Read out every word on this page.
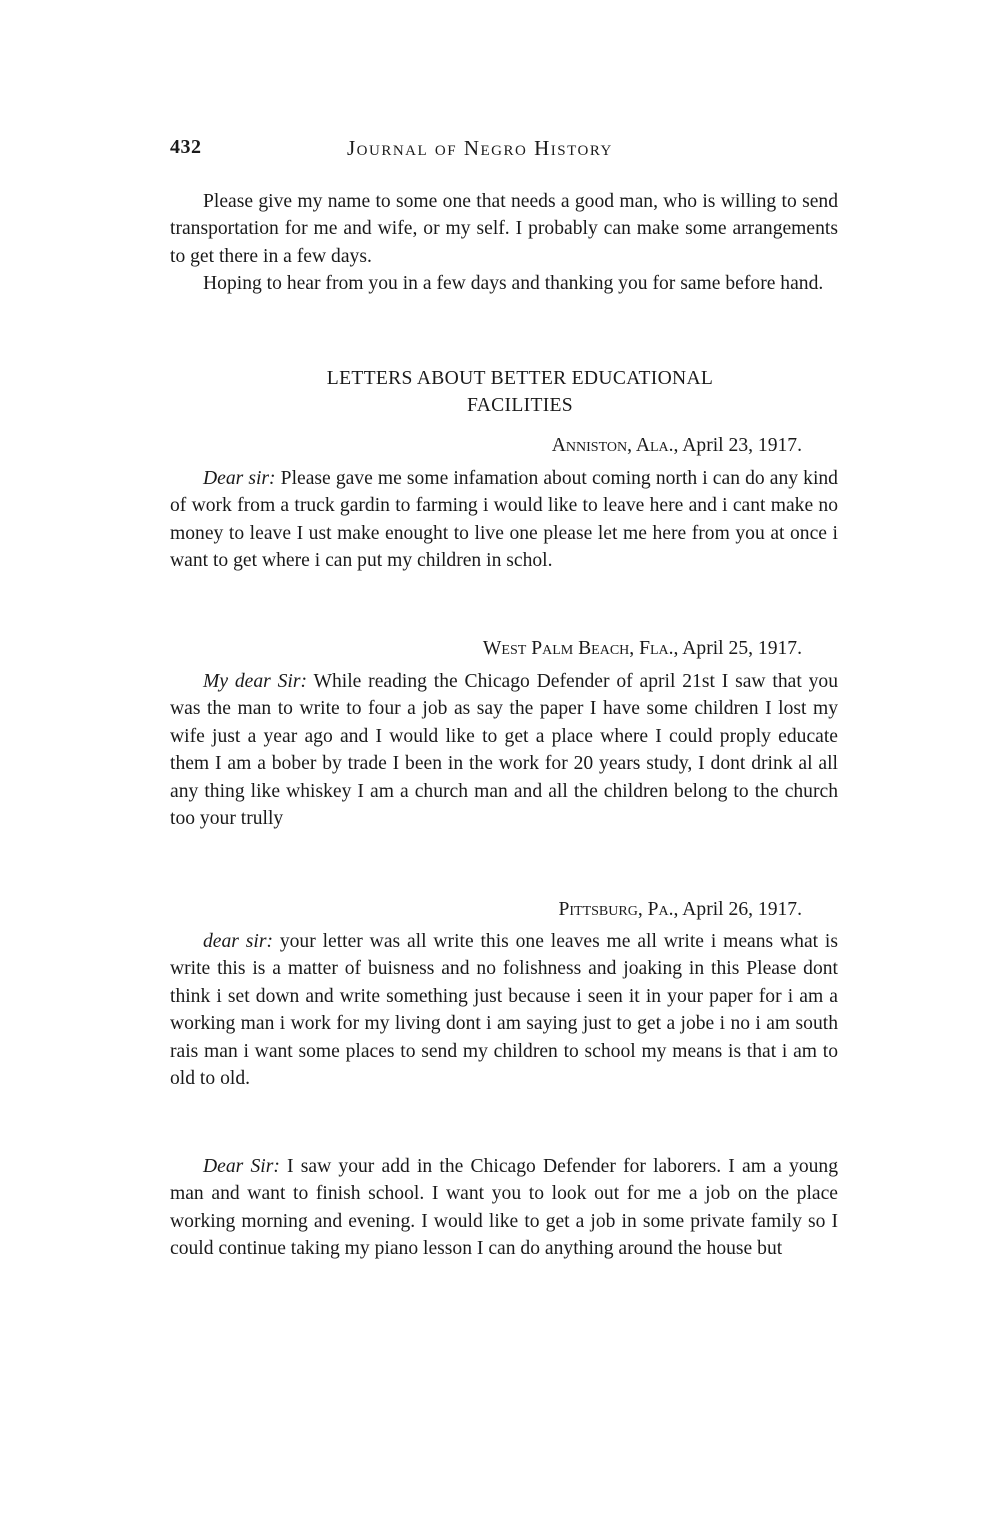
432	Journal of Negro History

Please give my name to some one that needs a good man, who is willing to send transportation for me and wife, or my self. I probably can make some arrangements to get there in a few days.

Hoping to hear from you in a few days and thanking you for same before hand.

LETTERS ABOUT BETTER EDUCATIONAL

FACILITIES

Anniston, Ala., April 23, 1917.

Dear sir: Please gave me some infamation about coming north i can do any kind of work from a truck gardin to farming i would like to leave here and i cant make no money to leave I ust make enought to live one please let me here from you at once i want to get where i can put my children in schol.

West Palm Beach, Fla., April 25, 1917.

My dear Sir: While reading the Chicago Defender of april 21st I saw that you was the man to write to four a job as say the paper I have some children I lost my wife just a year ago and I would like to get a place where I could proply educate them I am a bober by trade I been in the work for 20 years study, I dont drink al all any thing like whiskey I am a church man and all the children belong to the church too your trully

Pittsburg, Pa., April 26, 1917.

dear sir: your letter was all write this one leaves me all write i means what is write this is a matter of buisness and no folishness and joaking in this Please dont think i set down and write something just because i seen it in your paper for i am a working man i work for my living dont i am saying just to get a jobe i no i am south rais man i want some places to send my children to school my means is that i am to old to old.

Dear Sir: I saw your add in the Chicago Defender for laborers. I am a young man and want to finish school. I want you to look out for me a job on the place working morning and evening. I would like to get a job in some private family so I could continue taking my piano lesson I can do anything around the house but
